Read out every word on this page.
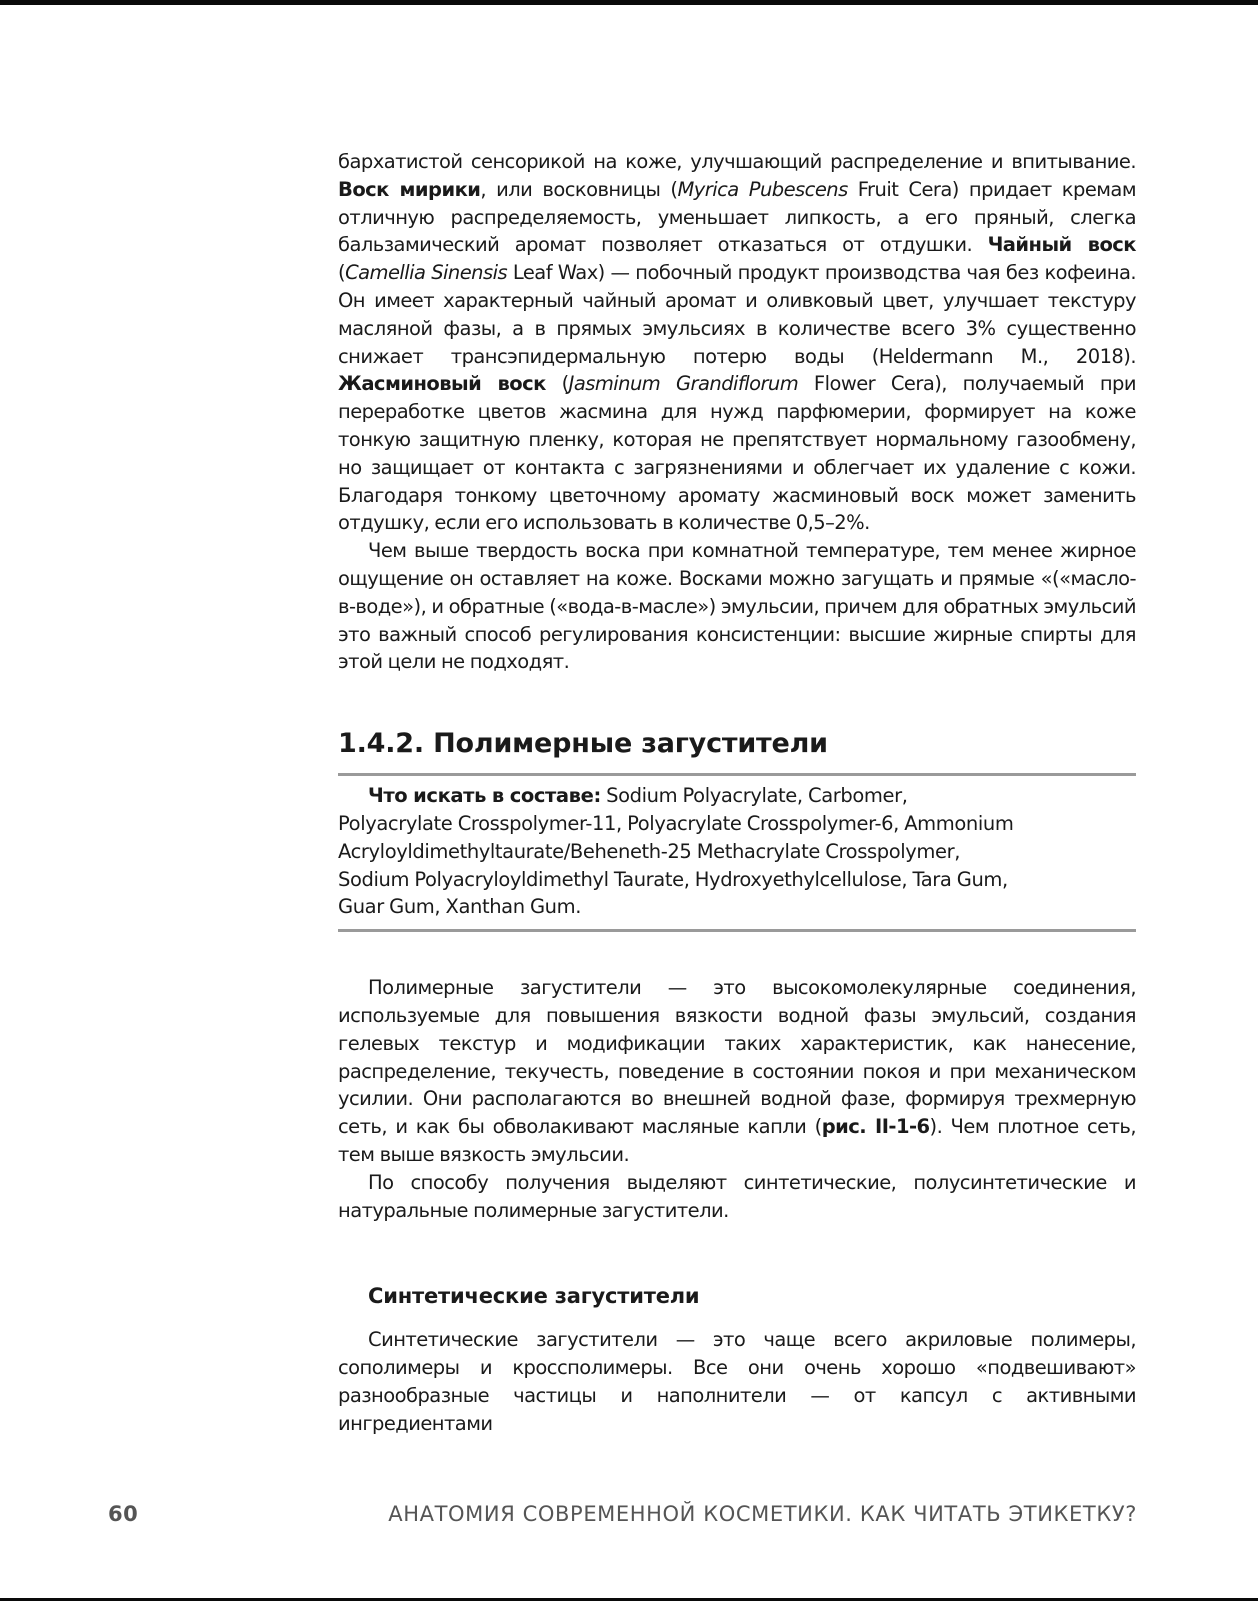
бархатистой сенсорикой на коже, улучшающий распределение и впитывание. Воск мирики, или восковницы (Myrica Pubescens Fruit Cera) придает кремам отличную распределяемость, уменьшает липкость, а его пряный, слегка бальзамический аромат позволяет отказаться от отдушки. Чайный воск (Camellia Sinensis Leaf Wax) — побочный продукт производства чая без кофеина. Он имеет характерный чайный аромат и оливковый цвет, улучшает текстуру масляной фазы, а в прямых эмульсиях в количестве всего 3% существенно снижает трансэпидермальную потерю воды (Heldermann M., 2018). Жасминовый воск (Jasminum Grandiflorum Flower Cera), получаемый при переработке цветов жасмина для нужд парфюмерии, формирует на коже тонкую защитную пленку, которая не препятствует нормальному газообмену, но защищает от контакта с загрязнениями и облегчает их удаление с кожи. Благодаря тонкому цветочному аромату жасминовый воск может заменить отдушку, если его использовать в количестве 0,5–2%.

Чем выше твердость воска при комнатной температуре, тем менее жирное ощущение он оставляет на коже. Восками можно загущать и прямые «(«масло-в-воде»), и обратные («вода-в-масле») эмульсии, причем для обратных эмульсий это важный способ регулирования консистенции: высшие жирные спирты для этой цели не подходят.

1.4.2. Полимерные загустители

Что искать в составе: Sodium Polyacrylate, Carbomer,
Polyacrylate Crosspolymer-11, Polyacrylate Crosspolymer-6, Ammonium
Acryloyldimethyltaurate/Beheneth-25 Methacrylate Crosspolymer,
Sodium Polyacryloyldimethyl Taurate, Hydroxyethylcellulose, Tara Gum,
Guar Gum, Xanthan Gum.

Полимерные загустители — это высокомолекулярные соединения, используемые для повышения вязкости водной фазы эмульсий, создания гелевых текстур и модификации таких характеристик, как нанесение, распределение, текучесть, поведение в состоянии покоя и при механическом усилии. Они располагаются во внешней водной фазе, формируя трехмерную сеть, и как бы обволакивают масляные капли (рис. II-1-6). Чем плотное сеть, тем выше вязкость эмульсии.

По способу получения выделяют синтетические, полусинтетические и натуральные полимерные загустители.

Синтетические загустители

Синтетические загустители — это чаще всего акриловые полимеры, сополимеры и кроссполимеры. Все они очень хорошо «подвешивают» разнообразные частицы и наполнители — от капсул с активными ингредиентами

60	АНАТОМИЯ СОВРЕМЕННОЙ КОСМЕТИКИ. КАК ЧИТАТЬ ЭТИКЕТКУ?
